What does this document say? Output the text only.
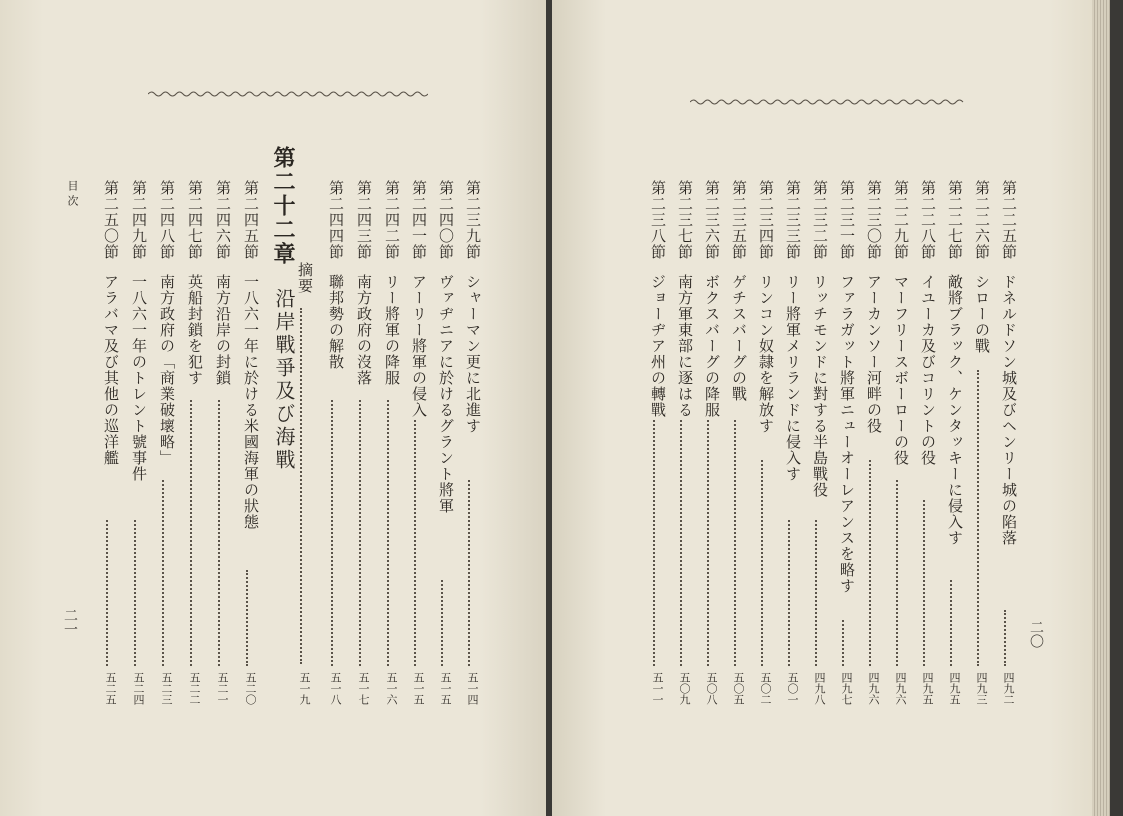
第二三九節
シャーマン更に北進す
五一四
第二四〇節
ヴァヂニアに於けるグラント將軍
五一五
第二四一節
アーリー將軍の侵入
五一五
第二四二節
リー將軍の降服
五一六
第二四三節
南方政府の沒落
五一七
第二四四節
聯邦勢の解散
五一八
第二十二章
沿岸戰爭及び海戰
摘要
五一九
第二四五節
一八六一年に於ける米國海軍の狀態
五二〇
第二四六節
南方沿岸の封鎖
五二一
第二四七節
英船封鎖を犯す
五二二
第二四八節
南方政府の「商業破壞略」
五二三
第二四九節
一八六一年のトレント號事件
五二四
第二五〇節
アラバマ及び其他の巡洋艦
五二五
目次
二一
第二二五節
ドネルドソン城及びヘンリー城の陷落
四九二
第二二六節
シローの戰
四九三
第二二七節
敵將ブラック、ケンタッキーに侵入す
四九五
第二二八節
イユーカ及びコリントの役
四九五
第二二九節
マーフリースボーローの役
四九六
第二三〇節
アーカンソー河畔の役
四九六
第二三一節
ファラガット將軍ニューオーレアンスを略す
四九七
第二三二節
リッチモンドに對する半島戰役
四九八
第二三三節
リー將軍メリランドに侵入す
五〇一
第二三四節
リンコン奴隷を解放す
五〇二
第二三五節
ゲチスバーグの戰
五〇五
第二三六節
ボクスバーグの降服
五〇八
第二三七節
南方軍東部に逐はる
五〇九
第二三八節
ジョーヂア州の轉戰
五一一
二〇
